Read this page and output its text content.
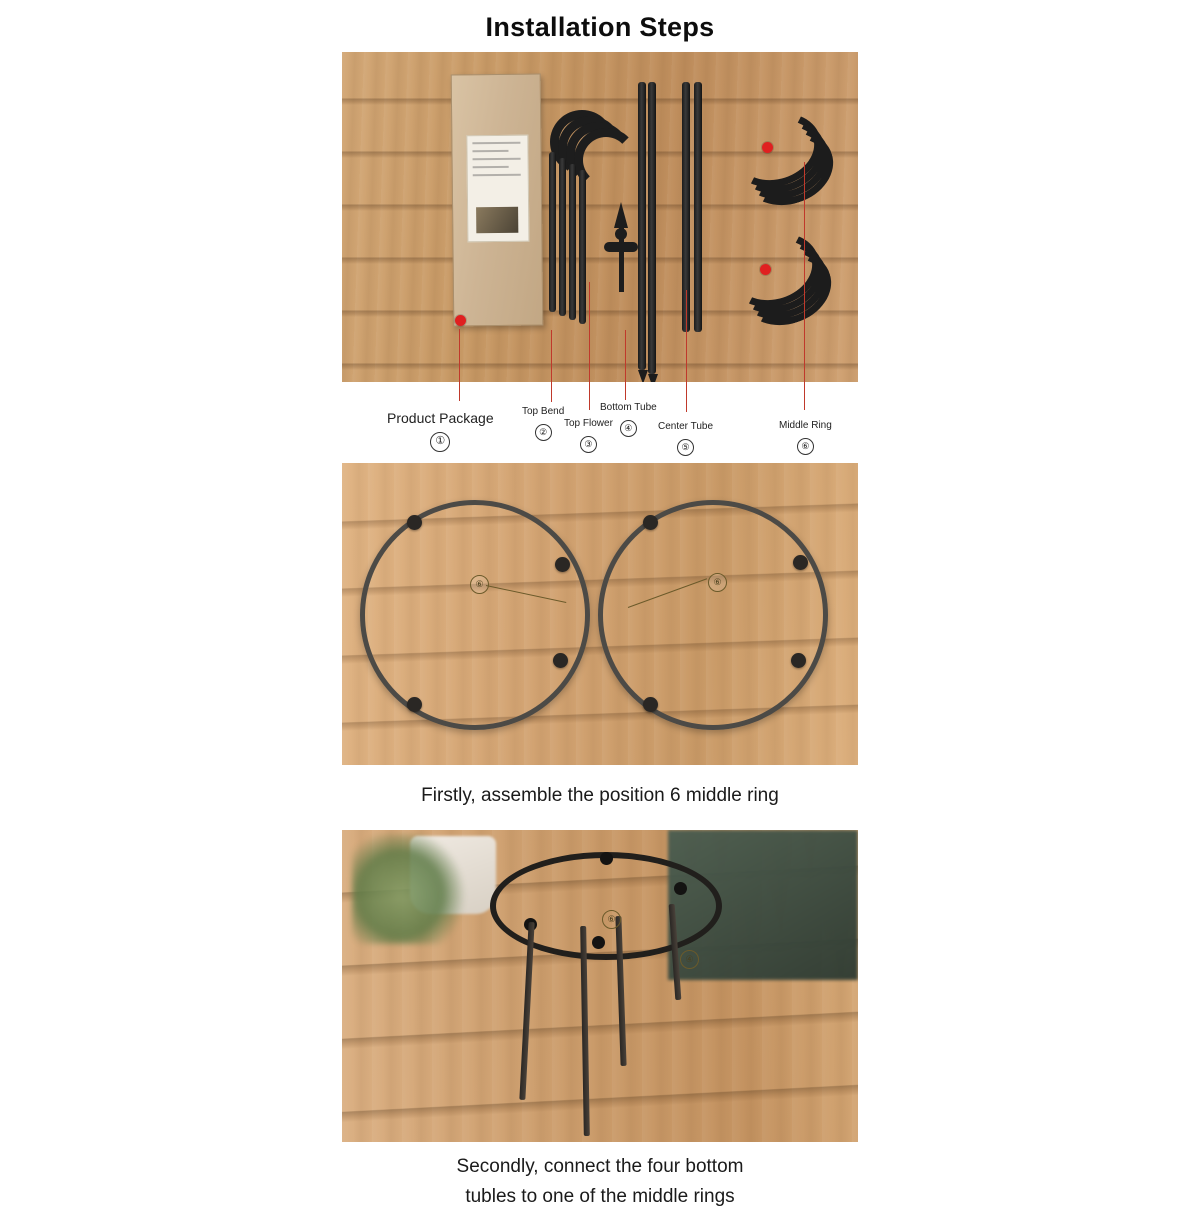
Installation Steps
Product Package
①
Top Bend
②
Top Flower
③
Bottom Tube
④	Center Tube
⑤
Middle Ring
⑥
⑥	⑥
Firstly, assemble the position 6 middle ring
⑥
④
Secondly, connect the four bottom
tubles to one of the middle rings
